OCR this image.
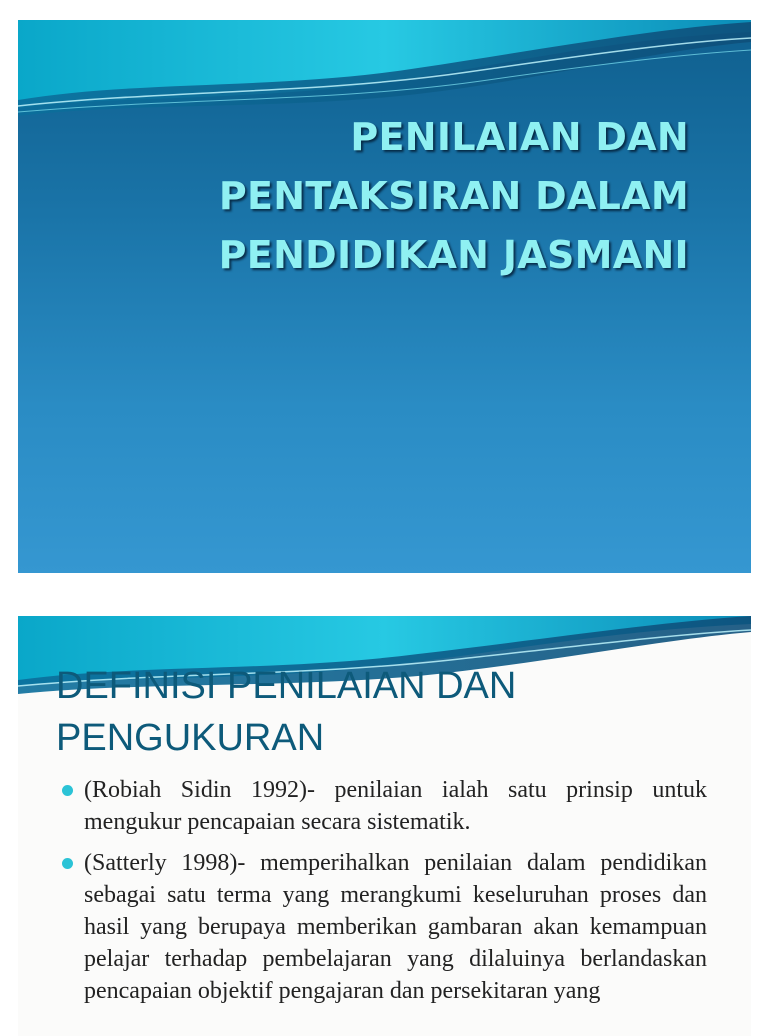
PENILAIAN DAN
PENTAKSIRAN DALAM
PENDIDIKAN JASMANI
DEFINISI PENILAIAN DAN
PENGUKURAN
(Robiah Sidin 1992)- penilaian ialah satu prinsip untuk mengukur pencapaian secara sistematik.
(Satterly 1998)- memperihalkan penilaian dalam pendidikan sebagai satu terma yang merangkumi keseluruhan proses dan hasil yang berupaya memberikan gambaran akan kemampuan pelajar terhadap pembelajaran yang dilaluinya berlandaskan pencapaian objektif pengajaran dan persekitaran yang
